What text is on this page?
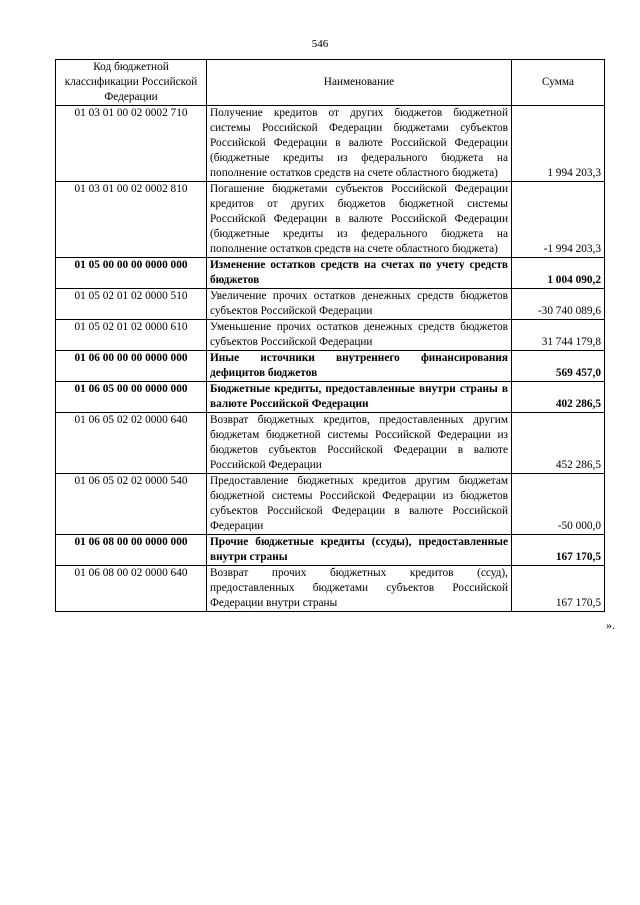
546
Код бюджетной классификации Российской Федерации	Наименование	Сумма
01 03 01 00 02 0002 710	Получение кредитов от других бюджетов бюджетной системы Российской Федерации бюджетами субъектов Российской Федерации в валюте Российской Федерации (бюджетные кредиты из федерального бюджета на пополнение остатков средств на счете областного бюджета)	1 994 203,3
01 03 01 00 02 0002 810	Погашение бюджетами субъектов Российской Федерации кредитов от других бюджетов бюджетной системы Российской Федерации в валюте Российской Федерации (бюджетные кредиты из федерального бюджета на пополнение остатков средств на счете областного бюджета)	-1 994 203,3
01 05 00 00 00 0000 000	Изменение остатков средств на счетах по учету средств бюджетов	1 004 090,2
01 05 02 01 02 0000 510	Увеличение прочих остатков денежных средств бюджетов субъектов Российской Федерации	-30 740 089,6
01 05 02 01 02 0000 610	Уменьшение прочих остатков денежных средств бюджетов субъектов Российской Федерации	31 744 179,8
01 06 00 00 00 0000 000	Иные источники внутреннего финансирования дефицитов бюджетов	569 457,0
01 06 05 00 00 0000 000	Бюджетные кредиты, предоставленные внутри страны в валюте Российской Федерации	402 286,5
01 06 05 02 02 0000 640	Возврат бюджетных кредитов, предоставленных другим бюджетам бюджетной системы Российской Федерации из бюджетов субъектов Российской Федерации в валюте Российской Федерации	452 286,5
01 06 05 02 02 0000 540	Предоставление бюджетных кредитов другим бюджетам бюджетной системы Российской Федерации из бюджетов субъектов Российской Федерации в валюте Российской Федерации	-50 000,0
01 06 08 00 00 0000 000	Прочие бюджетные кредиты (ссуды), предоставленные внутри страны	167 170,5
01 06 08 00 02 0000 640	Возврат прочих бюджетных кредитов (ссуд), предоставленных бюджетами субъектов Российской Федерации внутри страны	167 170,5
».
